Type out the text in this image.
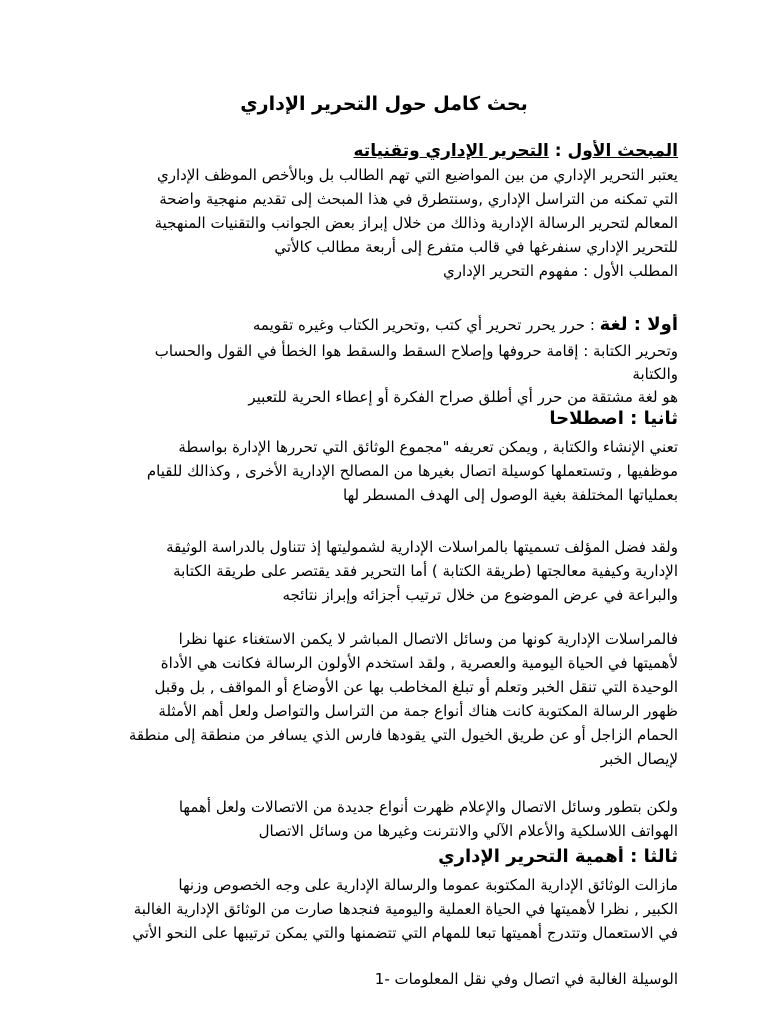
بحث كامل حول التحرير الإداري
المبحث الأول : التحرير الإداري وتقنياته
يعتبر التحرير الإداري من بين المواضيع التي تهم الطالب بل وبالأخص الموظف الإداري
التي تمكنه من التراسل الإداري ,وسنتطرق في هذا المبحث إلى تقديم منهجية واضحة
المعالم لتحرير الرسالة الإدارية وذالك من خلال إبراز بعض الجوانب والتقنيات المنهجية
للتحرير الإداري سنفرغها في قالب متفرع إلى أربعة مطالب كالأتي
المطلب الأول : مفهوم التحرير الإداري
أولا : لغة : حرر يحرر تحرير أي كتب ,وتحرير الكتاب وغيره تقويمه
وتحرير الكتابة : إقامة حروفها وإصلاح السقط والسقط هوا الخطأ في القول والحساب
والكتابة
هو لغة مشتقة من حرر أي أطلق صراح الفكرة أو إعطاء الحرية للتعبير
ثانيا : اصطلاحا
تعني الإنشاء والكتابة , ويمكن تعريفه "مجموع الوثائق التي تحررها الإدارة بواسطة
موظفيها , وتستعملها كوسيلة اتصال بغيرها من المصالح الإدارية الأخرى , وكذالك للقيام
بعملياتها المختلفة بغية الوصول إلى الهدف المسطر لها
ولقد فضل المؤلف تسميتها بالمراسلات الإدارية لشموليتها إذ تتناول بالدراسة الوثيقة
الإدارية وكيفية معالجتها (طريقة الكتابة ) أما التحرير فقد يقتصر على طريقة الكتابة
والبراعة في عرض الموضوع من خلال ترتيب أجزائه وإبراز نتائجه
فالمراسلات الإدارية كونها من وسائل الاتصال المباشر لا يكمن الاستغناء عنها نظرا
لأهميتها في الحياة اليومية والعصرية , ولقد استخدم الأولون الرسالة فكانت هي الأداة
الوحيدة التي تنقل الخبر وتعلم أو تبلغ المخاطب بها عن الأوضاع أو المواقف , بل وقبل
ظهور الرسالة المكتوبة كانت هناك أنواع جمة من التراسل والتواصل ولعل أهم الأمثلة
الحمام الزاجل أو عن طريق الخيول التي يقودها فارس الذي يسافر من منطقة إلى منطقة
لإيصال الخبر
ولكن بتطور وسائل الاتصال والإعلام ظهرت أنواع جديدة من الاتصالات ولعل أهمها
الهواتف اللاسلكية والأعلام الآلي والانترنت وغيرها من وسائل الاتصال
ثالثا : أهمية التحرير الإداري
مازالت الوثائق الإدارية المكتوبة عموما والرسالة الإدارية على وجه الخصوص وزنها
الكبير , نظرا لأهميتها في الحياة العملية واليومية فنجدها صارت من الوثائق الإدارية الغالبة
في الاستعمال وتتدرج أهميتها تبعا للمهام التي تتضمنها والتي يمكن ترتيبها على النحو الأتي
الوسيلة الغالبة في اتصال وفي نقل المعلومات -1
